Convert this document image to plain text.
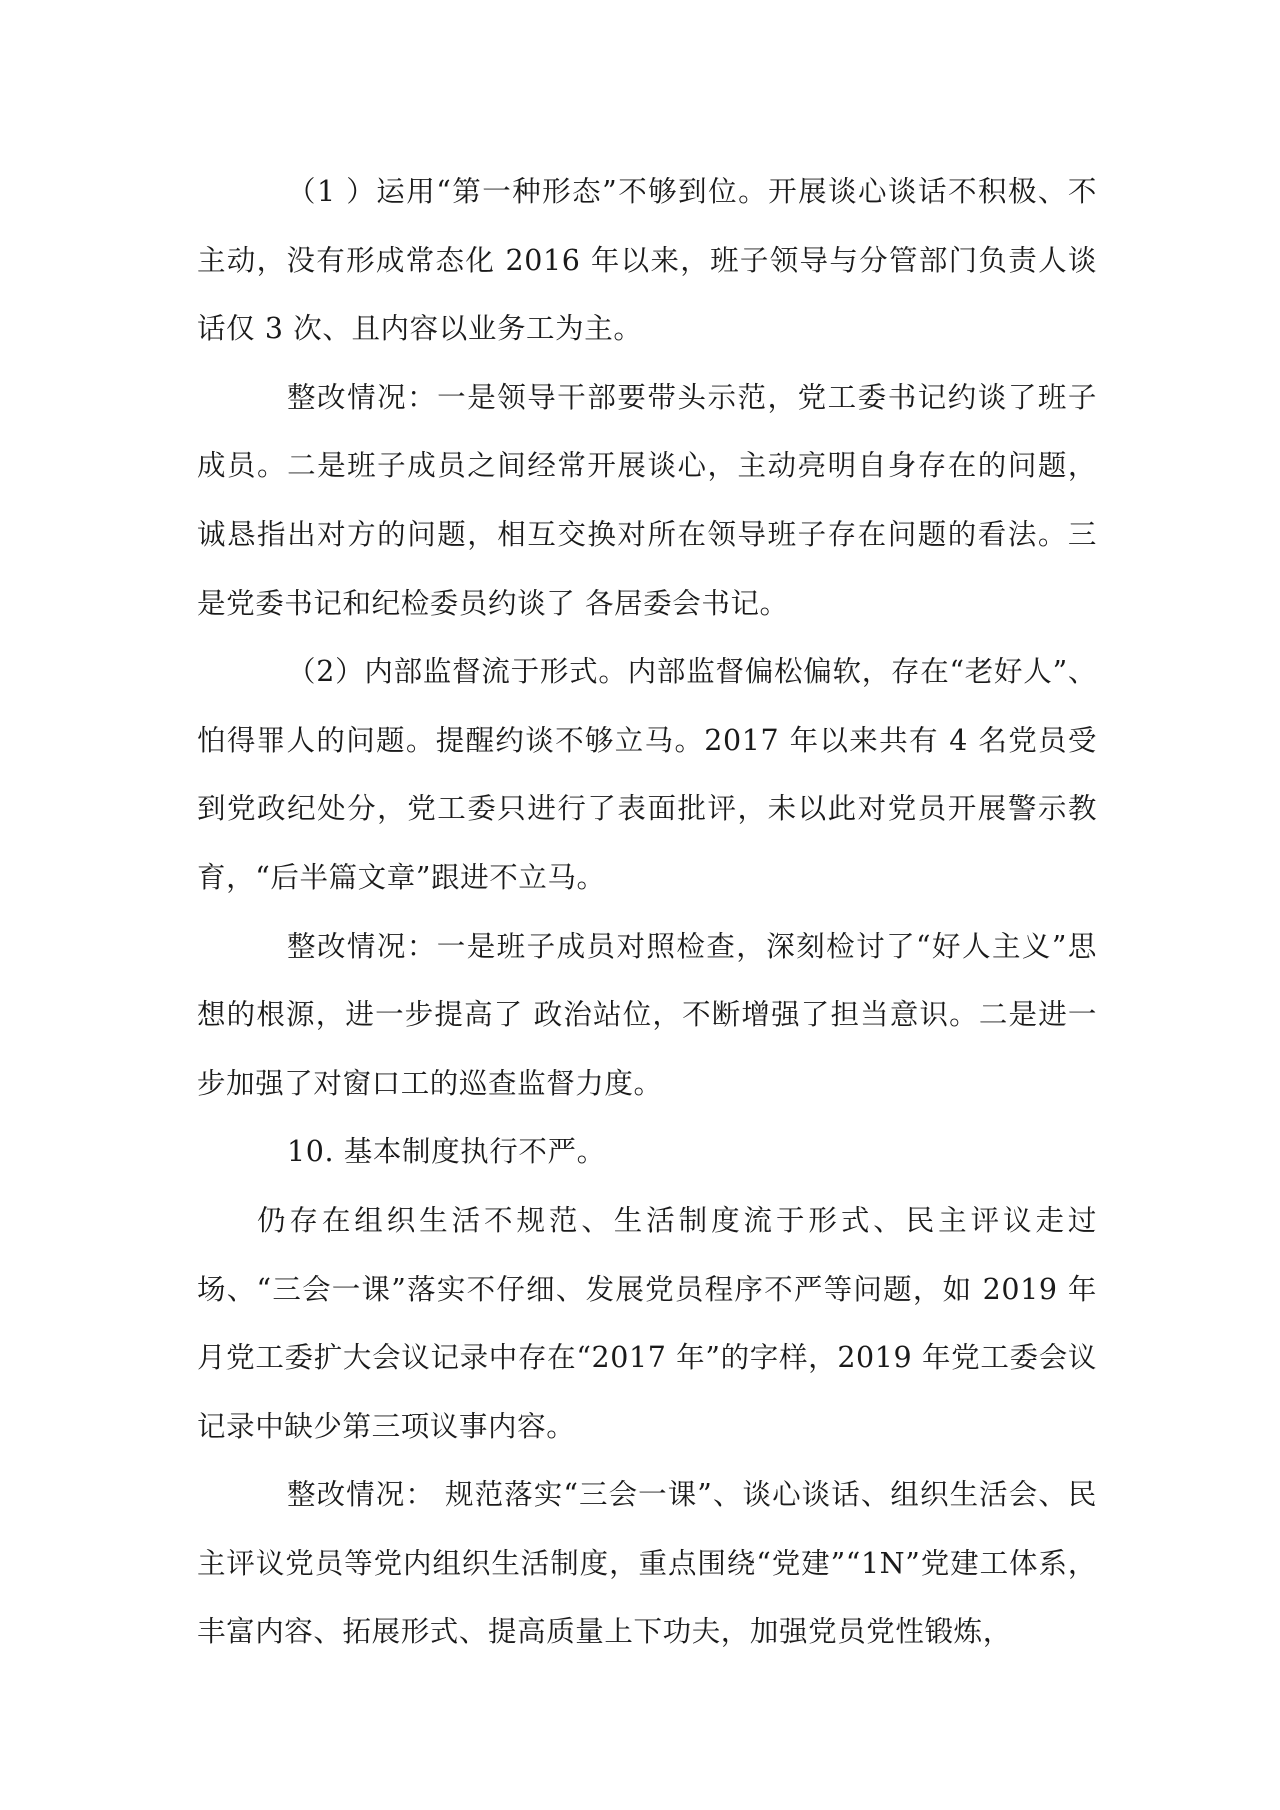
（1 ）运用“第一种形态”不够到位。开展谈心谈话不积极、不主动，没有形成常态化 2016 年以来，班子领导与分管部门负责人谈话仅 3 次、且内容以业务工为主。

整改情况：一是领导干部要带头示范，党工委书记约谈了班子成员。二是班子成员之间经常开展谈心，主动亮明自身存在的问题，诚恳指出对方的问题，相互交换对所在领导班子存在问题的看法。三是党委书记和纪检委员约谈了 各居委会书记。

（2）内部监督流于形式。内部监督偏松偏软，存在“老好人”、怕得罪人的问题。提醒约谈不够立马。2017 年以来共有 4 名党员受到党政纪处分，党工委只进行了表面批评，未以此对党员开展警示教育，“后半篇文章”跟进不立马。

整改情况：一是班子成员对照检查，深刻检讨了“好人主义”思想的根源，进一步提高了 政治站位，不断增强了担当意识。二是进一步加强了对窗口工的巡查监督力度。

10. 基本制度执行不严。

仍存在组织生活不规范、生活制度流于形式、民主评议走过场、“三会一课”落实不仔细、发展党员程序不严等问题，如 2019 年月党工委扩大会议记录中存在“2017 年”的字样，2019 年党工委会议记录中缺少第三项议事内容。

整改情况： 规范落实“三会一课”、谈心谈话、组织生活会、民主评议党员等党内组织生活制度，重点围绕“党建”“1N”党建工体系，丰富内容、拓展形式、提高质量上下功夫，加强党员党性锻炼，
